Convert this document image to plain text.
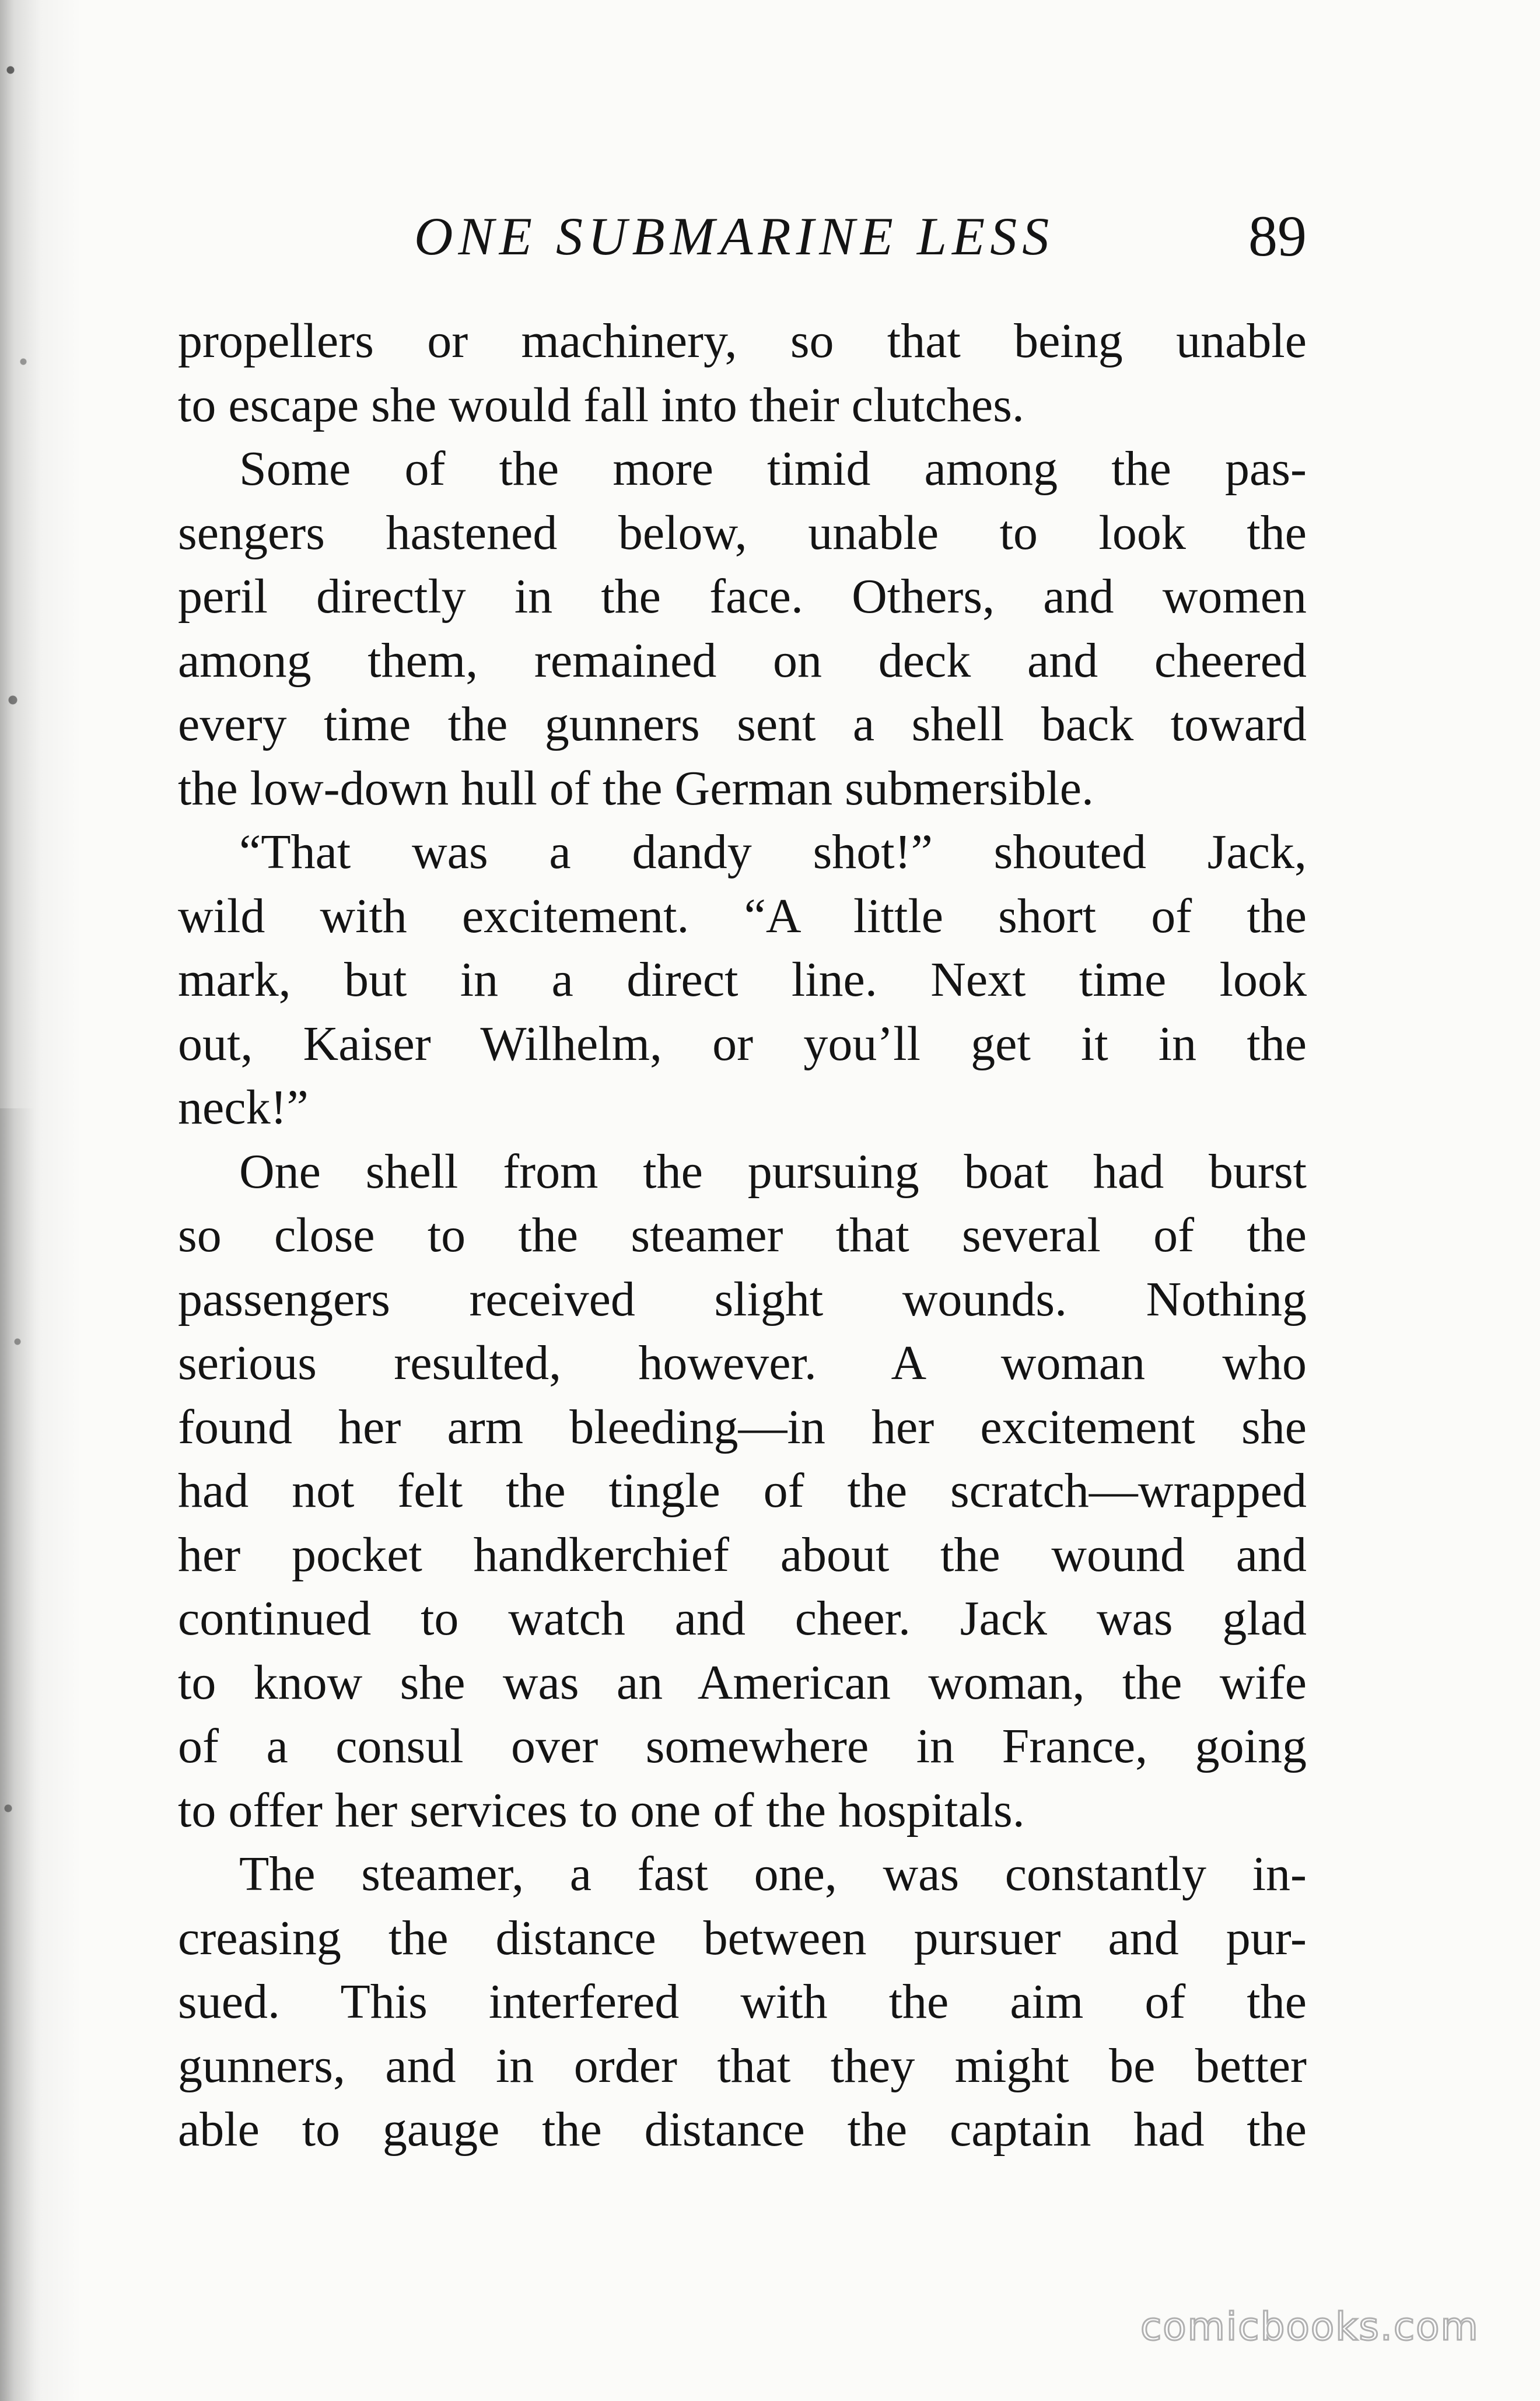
ONE SUBMARINE LESS	89
propellers or machinery, so that being unable
to escape she would fall into their clutches.
Some of the more timid among the pas-
sengers hastened below, unable to look the
peril directly in the face. Others, and women
among them, remained on deck and cheered
every time the gunners sent a shell back toward
the low-down hull of the German submersible.
“That was a dandy shot!” shouted Jack,
wild with excitement. “A little short of the
mark, but in a direct line. Next time look
out, Kaiser Wilhelm, or you’ll get it in the
neck!”
One shell from the pursuing boat had burst
so close to the steamer that several of the
passengers received slight wounds. Nothing
serious resulted, however. A woman who
found her arm bleeding—in her excitement she
had not felt the tingle of the scratch—wrapped
her pocket handkerchief about the wound and
continued to watch and cheer. Jack was glad
to know she was an American woman, the wife
of a consul over somewhere in France, going
to offer her services to one of the hospitals.
The steamer, a fast one, was constantly in-
creasing the distance between pursuer and pur-
sued. This interfered with the aim of the
gunners, and in order that they might be better
able to gauge the distance the captain had the
comicbooks.com
